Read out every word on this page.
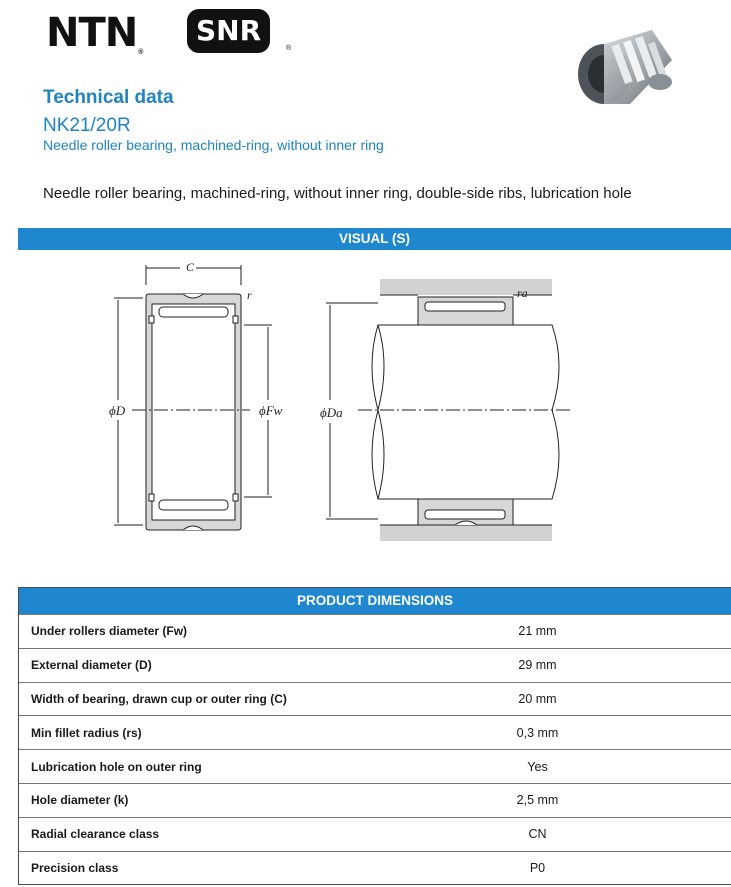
NTN®
SNR
®
Technical data
NK21/20R
Needle roller bearing, machined-ring, without inner ring
Needle roller bearing, machined-ring, without inner ring, double-side ribs, lubrication hole
VISUAL (S)
C
r
ϕD	ϕFw
ra
ϕDa
PRODUCT DIMENSIONS
Under rollers diameter (Fw)	21 mm
External diameter (D)	29 mm
Width of bearing, drawn cup or outer ring (C)	20 mm
Min fillet radius (rs)	0,3 mm
Lubrication hole on outer ring	Yes
Hole diameter (k)	2,5 mm
Radial clearance class	CN
Precision class	P0
